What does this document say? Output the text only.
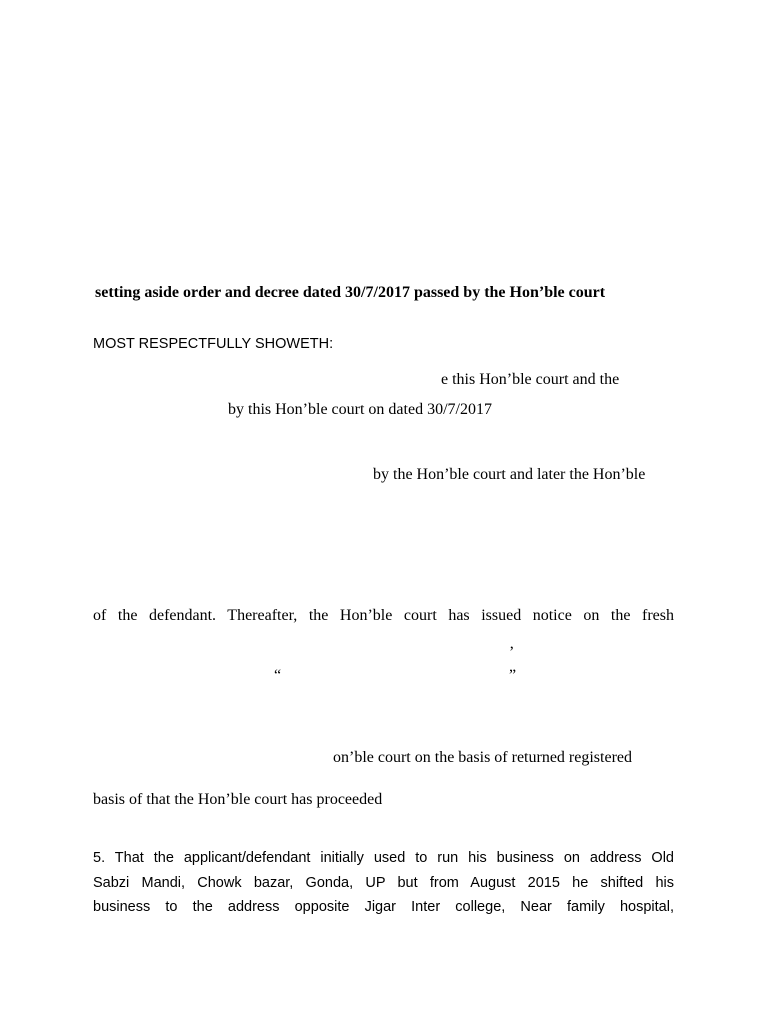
setting aside order and decree dated 30/7/2017 passed by the Hon’ble court
MOST RESPECTFULLY SHOWETH:
e this Hon’ble court and the
by this Hon’ble court on dated 30/7/2017
by the Hon’ble court and later the Hon’ble
of the defendant. Thereafter, the Hon’ble court has issued notice on the fresh
’
“	”
on’ble court on the basis of returned registered
basis of that the Hon’ble court has proceeded
5. That the applicant/defendant initially used to run his business on address Old
Sabzi Mandi, Chowk bazar, Gonda, UP but from August 2015 he shifted his
business to the address opposite Jigar Inter college, Near family hospital,
